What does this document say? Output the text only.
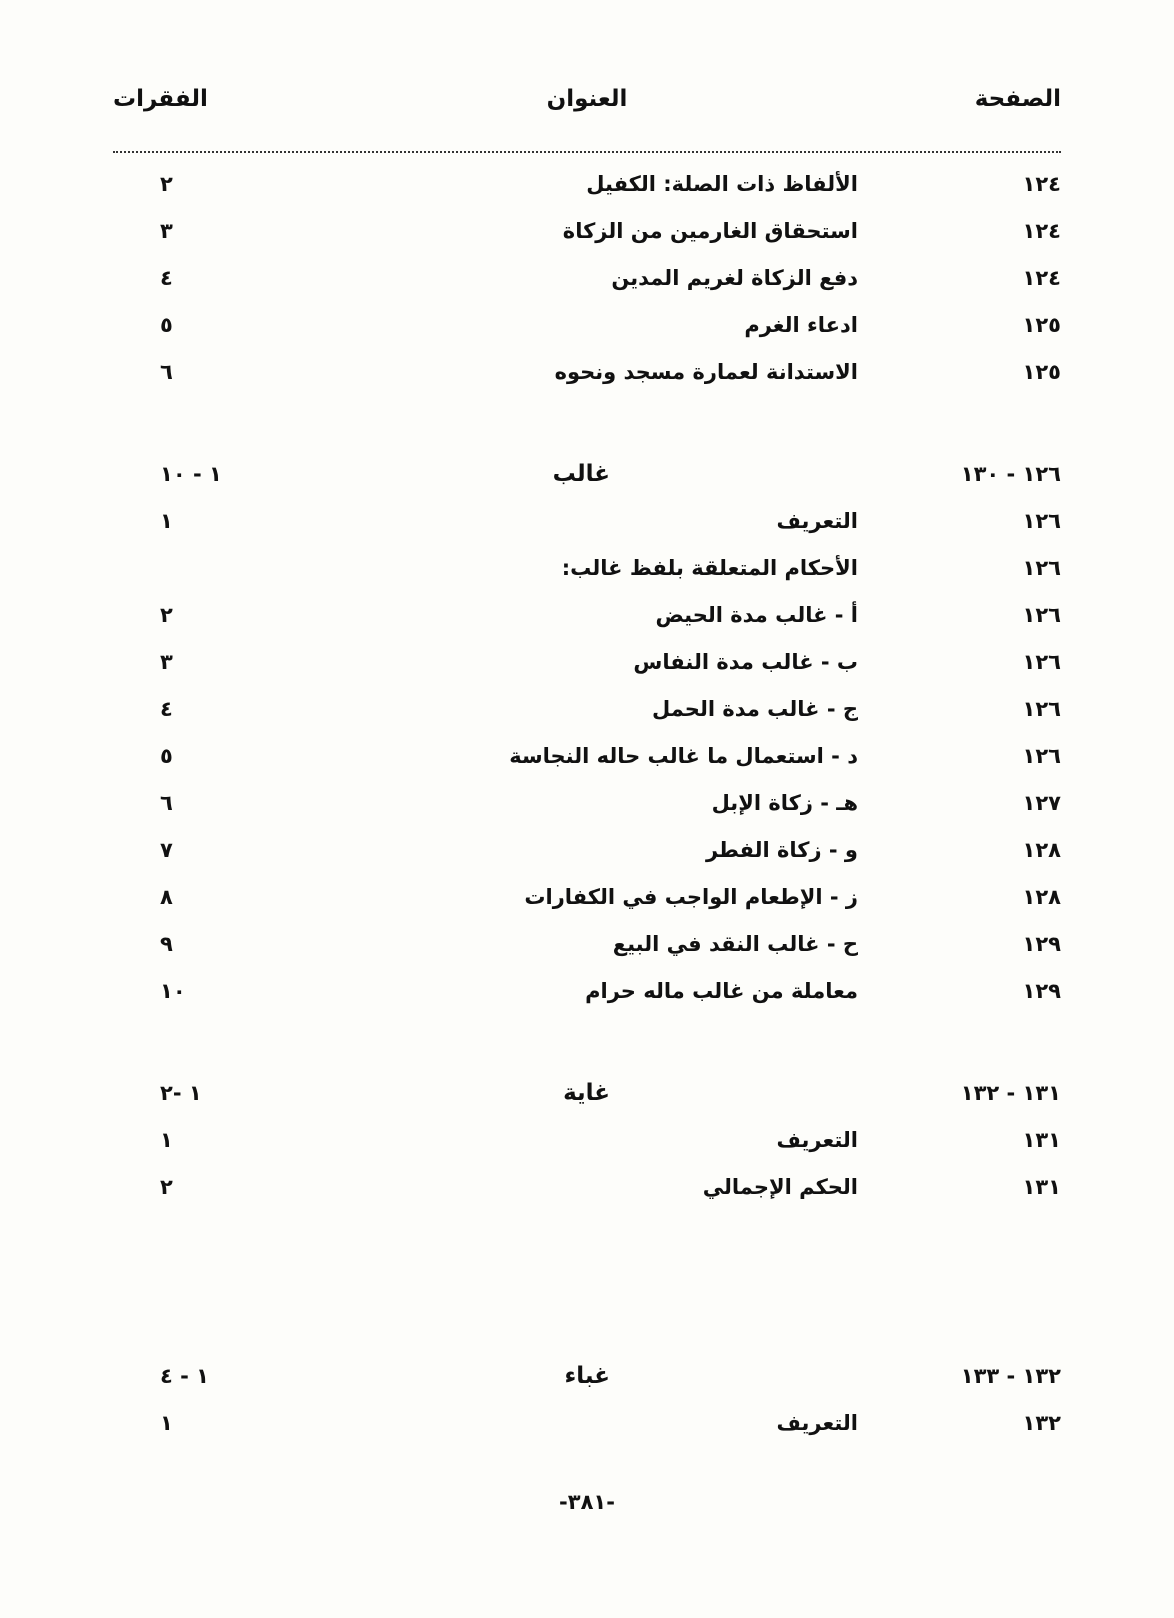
الصفحة
العنوان
الفقرات
١٢٤
الألفاظ ذات الصلة: الكفيل
٢
١٢٤
استحقاق الغارمين من الزكاة
٣
١٢٤
دفع الزكاة لغريم المدين
٤
١٢٥
ادعاء الغرم
٥
١٢٥
الاستدانة لعمارة مسجد ونحوه
٦
١٢٦ - ١٣٠
غالب
١ - ١٠
١٢٦
التعريف
١
١٢٦
الأحكام المتعلقة بلفظ غالب:
١٢٦
أ - غالب مدة الحيض
٢
١٢٦
ب - غالب مدة النفاس
٣
١٢٦
ج - غالب مدة الحمل
٤
١٢٦
د - استعمال ما غالب حاله النجاسة
٥
١٢٧
هـ - زكاة الإبل
٦
١٢٨
و - زكاة الفطر
٧
١٢٨
ز - الإطعام الواجب في الكفارات
٨
١٢٩
ح - غالب النقد في البيع
٩
١٢٩
معاملة من غالب ماله حرام
١٠
١٣١ - ١٣٢
غاية
١ -٢
١٣١
التعريف
١
١٣١
الحكم الإجمالي
٢
١٣٢ - ١٣٣
غباء
١ - ٤
١٣٢
التعريف
١
-٣٨١-
